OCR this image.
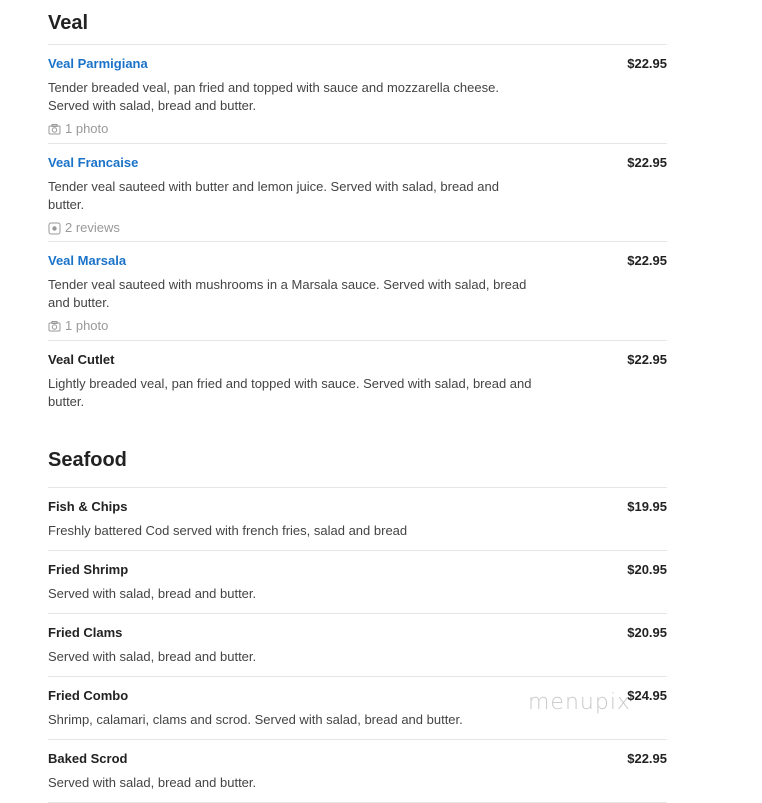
Veal
Veal Parmigiana	$22.95
Tender breaded veal, pan fried and topped with sauce and mozzarella cheese. Served with salad, bread and butter.
1 photo
Veal Francaise	$22.95
Tender veal sauteed with butter and lemon juice. Served with salad, bread and butter.
2 reviews
Veal Marsala	$22.95
Tender veal sauteed with mushrooms in a Marsala sauce. Served with salad, bread and butter.
1 photo
Veal Cutlet	$22.95
Lightly breaded veal, pan fried and topped with sauce. Served with salad, bread and butter.
Seafood
Fish & Chips	$19.95
Freshly battered Cod served with french fries, salad and bread
Fried Shrimp	$20.95
Served with salad, bread and butter.
Fried Clams	$20.95
Served with salad, bread and butter.
Fried Combo	$24.95
Shrimp, calamari, clams and scrod. Served with salad, bread and butter.
Baked Scrod	$22.95
Served with salad, bread and butter.
menupix
